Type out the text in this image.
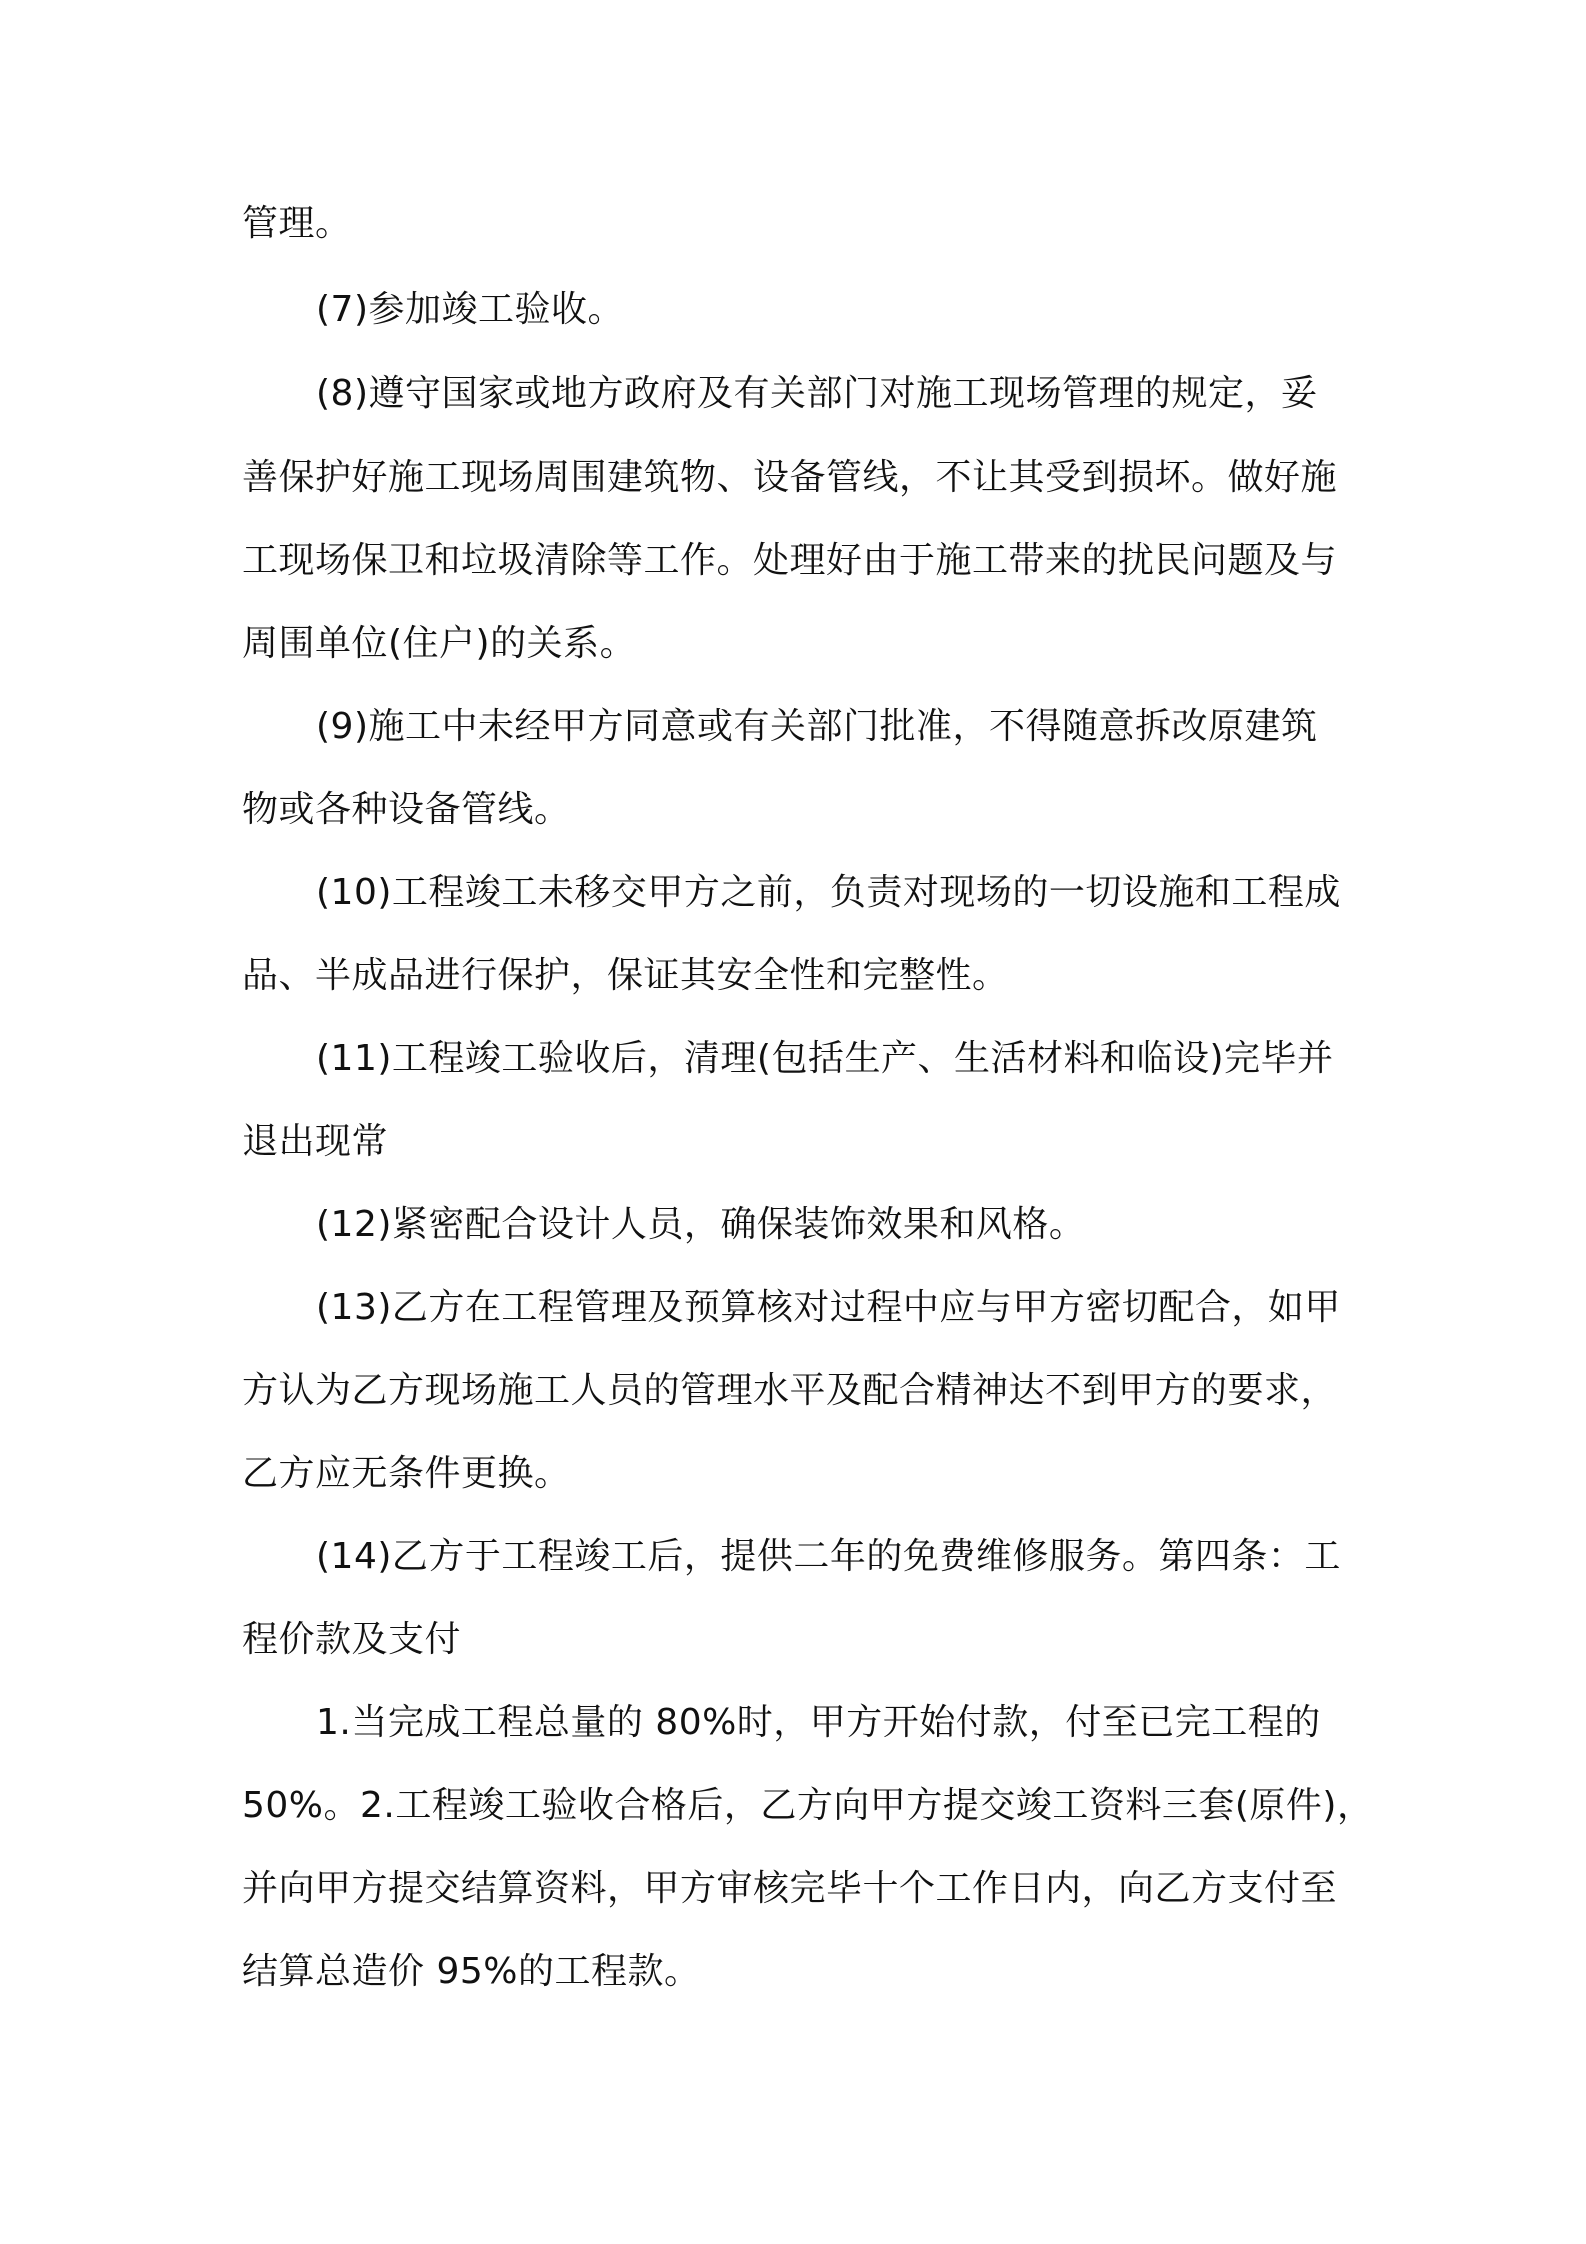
管理。

(7)参加竣工验收。

(8)遵守国家或地方政府及有关部门对施工现场管理的规定，妥

善保护好施工现场周围建筑物、设备管线，不让其受到损坏。做好施

工现场保卫和垃圾清除等工作。处理好由于施工带来的扰民问题及与

周围单位(住户)的关系。

(9)施工中未经甲方同意或有关部门批准，不得随意拆改原建筑

物或各种设备管线。

(10)工程竣工未移交甲方之前，负责对现场的一切设施和工程成

品、半成品进行保护，保证其安全性和完整性。

(11)工程竣工验收后，清理(包括生产、生活材料和临设)完毕并

退出现常

(12)紧密配合设计人员，确保装饰效果和风格。

(13)乙方在工程管理及预算核对过程中应与甲方密切配合，如甲

方认为乙方现场施工人员的管理水平及配合精神达不到甲方的要求，

乙方应无条件更换。

(14)乙方于工程竣工后，提供二年的免费维修服务。第四条：工

程价款及支付

1.当完成工程总量的 80%时，甲方开始付款，付至已完工程的

50%。2.工程竣工验收合格后，乙方向甲方提交竣工资料三套(原件)，

并向甲方提交结算资料，甲方审核完毕十个工作日内，向乙方支付至

结算总造价 95%的工程款。
